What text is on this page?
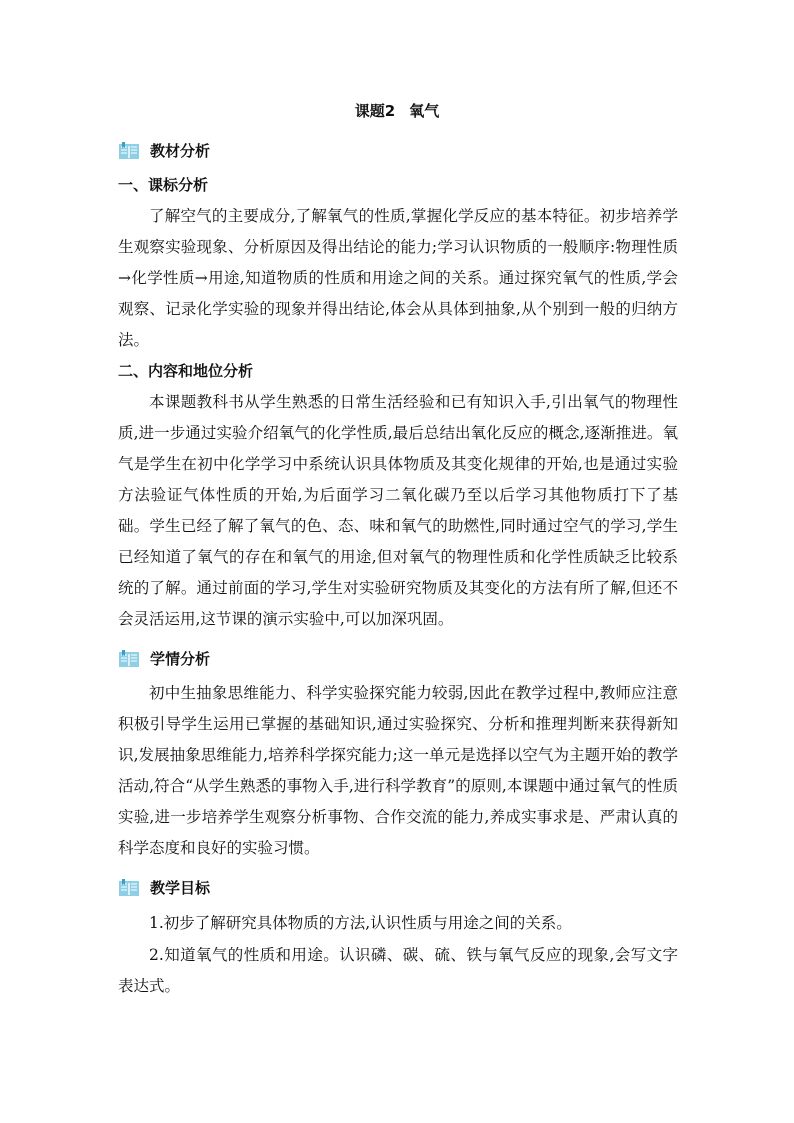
课题2 氧气
教材分析
一、课标分析

了解空气的主要成分,了解氧气的性质,掌握化学反应的基本特征。初步培养学生观察实验现象、分析原因及得出结论的能力;学习认识物质的一般顺序:物理性质→化学性质→用途,知道物质的性质和用途之间的关系。通过探究氧气的性质,学会观察、记录化学实验的现象并得出结论,体会从具体到抽象,从个别到一般的归纳方法。

二、内容和地位分析

本课题教科书从学生熟悉的日常生活经验和已有知识入手,引出氧气的物理性质,进一步通过实验介绍氧气的化学性质,最后总结出氧化反应的概念,逐渐推进。氧气是学生在初中化学学习中系统认识具体物质及其变化规律的开始,也是通过实验方法验证气体性质的开始,为后面学习二氧化碳乃至以后学习其他物质打下了基础。学生已经了解了氧气的色、态、味和氧气的助燃性,同时通过空气的学习,学生已经知道了氧气的存在和氧气的用途,但对氧气的物理性质和化学性质缺乏比较系统的了解。通过前面的学习,学生对实验研究物质及其变化的方法有所了解,但还不会灵活运用,这节课的演示实验中,可以加深巩固。

学情分析

初中生抽象思维能力、科学实验探究能力较弱,因此在教学过程中,教师应注意积极引导学生运用已掌握的基础知识,通过实验探究、分析和推理判断来获得新知识,发展抽象思维能力,培养科学探究能力;这一单元是选择以空气为主题开始的教学活动,符合“从学生熟悉的事物入手,进行科学教育”的原则,本课题中通过氧气的性质实验,进一步培养学生观察分析事物、合作交流的能力,养成实事求是、严肃认真的科学态度和良好的实验习惯。

教学目标

1.初步了解研究具体物质的方法,认识性质与用途之间的关系。

2.知道氧气的性质和用途。认识磷、碳、硫、铁与氧气反应的现象,会写文字表达式。
